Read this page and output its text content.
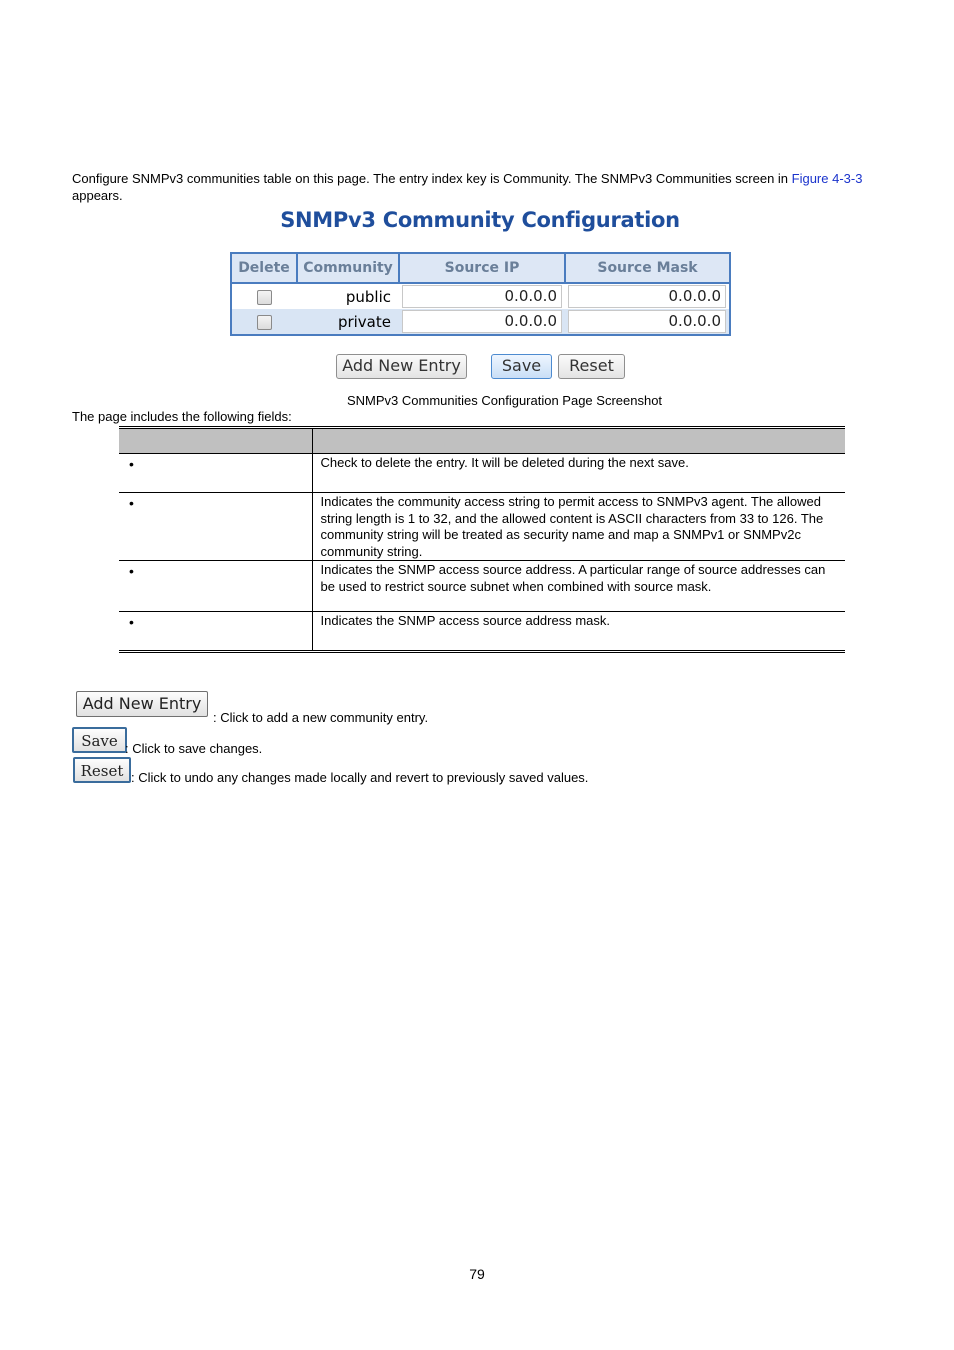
Configure SNMPv3 communities table on this page. The entry index key is Community. The SNMPv3 Communities screen in Figure 4-3-3 appears.
SNMPv3 Community Configuration
Delete	Community	Source IP	Source Mask
	public	0.0.0.0	0.0.0.0

	private	0.0.0.0	0.0.0.0
Add New Entry	Save	Reset
SNMPv3 Communities Configuration Page Screenshot
The page includes the following fields:

•	Check to delete the entry. It will be deleted during the next save.
•	Indicates the community access string to permit access to SNMPv3 agent. The allowed string length is 1 to 32, and the allowed content is ASCII characters from 33 to 126. The community string will be treated as security name and map a SNMPv1 or SNMPv2c community string.
•	Indicates the SNMP access source address. A particular range of source addresses can be used to restrict source subnet when combined with source mask.
•	Indicates the SNMP access source address mask.
Add New Entry
: Click to add a new community entry.
Save : Click to save changes.
Reset : Click to undo any changes made locally and revert to previously saved values.
79
